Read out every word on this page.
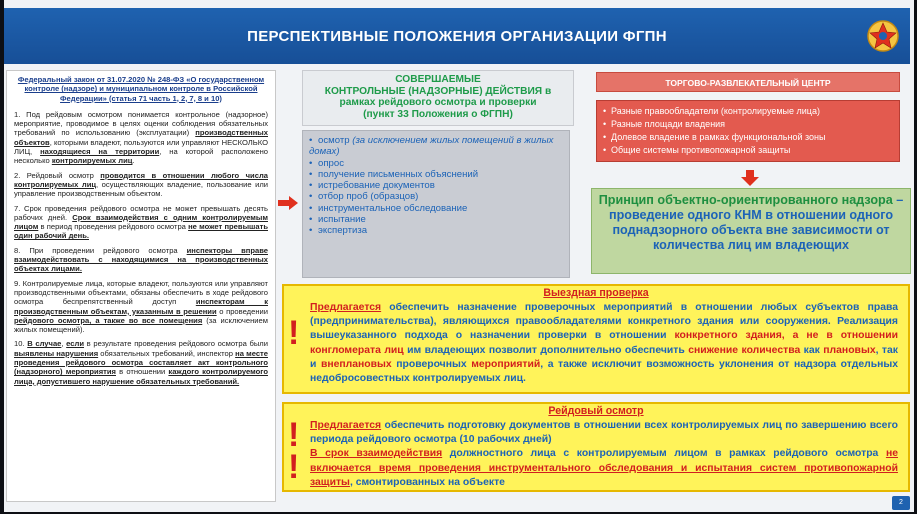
ПЕРСПЕКТИВНЫЕ ПОЛОЖЕНИЯ ОРГАНИЗАЦИИ ФГПН
Федеральный закон от 31.07.2020 № 248-ФЗ «О государственном контроле (надзоре) и муниципальном контроле в Российской Федерации» (статья 71 часть 1, 2, 7, 8 и 10)

1. Под рейдовым осмотром понимается контрольное (надзорное) мероприятие, проводимое в целях оценки соблюдения обязательных требований по использованию (эксплуатации) производственных объектов, которыми владеют, пользуются или управляют НЕСКОЛЬКО ЛИЦ, находящиеся на территории, на которой расположено несколько контролируемых лиц.

2. Рейдовый осмотр проводится в отношении любого числа контролируемых лиц, осуществляющих владение, пользование или управление производственным объектом.

7. Срок проведения рейдового осмотра не может превышать десять рабочих дней. Срок взаимодействия с одним контролируемым лицом в период проведения рейдового осмотра не может превышать один рабочий день.

8. При проведении рейдового осмотра инспекторы вправе взаимодействовать с находящимися на производственных объектах лицами.

9. Контролируемые лица, которые владеют, пользуются или управляют производственными объектами, обязаны обеспечить в ходе рейдового осмотра беспрепятственный доступ инспекторам к производственным объектам, указанным в решении о проведении рейдового осмотра, а также во все помещения (за исключением жилых помещений).

10. В случае, если в результате проведения рейдового осмотра были выявлены нарушения обязательных требований, инспектор на месте проведения рейдового осмотра составляет акт контрольного (надзорного) мероприятия в отношении каждого контролируемого лица, допустившего нарушение обязательных требований.

СОВЕРШАЕМЫЕ
КОНТРОЛЬНЫЕ (НАДЗОРНЫЕ) ДЕЙСТВИЯ в
рамках рейдового осмотра и проверки
(пункт 33 Положения о ФГПН)
• осмотр (за исключением жилых помещений в жилых домах)
• опрос
• получение письменных объяснений
• истребование документов
• отбор проб (образцов)
• инструментальное обследование
• испытание
• экспертиза
ТОРГОВО-РАЗВЛЕКАТЕЛЬНЫЙ ЦЕНТР
• Разные правообладатели (контролируемые лица)
• Разные площади владения
• Долевое владение в рамках функциональной зоны
• Общие системы противопожарной защиты
Принцип объектно-ориентированного надзора – проведение одного КНМ в отношении одного поднадзорного объекта вне зависимости от количества лиц им владеющих
Выездная проверка
!
Предлагается обеспечить назначение проверочных мероприятий в отношении любых субъектов права (предпринимательства), являющихся правообладателями конкретного здания или сооружения. Реализация вышеуказанного подхода о назначении проверки в отношении конкретного здания, а не в отношении конгломерата лиц им владеющих позволит дополнительно обеспечить снижение количества как плановых, так и внеплановых проверочных мероприятий, а также исключит возможность уклонения от надзора отдельных недобросовестных контролируемых лиц.
Рейдовый осмотр
!
!
Предлагается обеспечить подготовку документов в отношении всех контролируемых лиц по завершению всего периода рейдового осмотра (10 рабочих дней)
В срок взаимодействия должностного лица с контролируемым лицом в рамках рейдового осмотра не включается время проведения инструментального обследования и испытания систем противопожарной защиты, смонтированных на объекте
2
